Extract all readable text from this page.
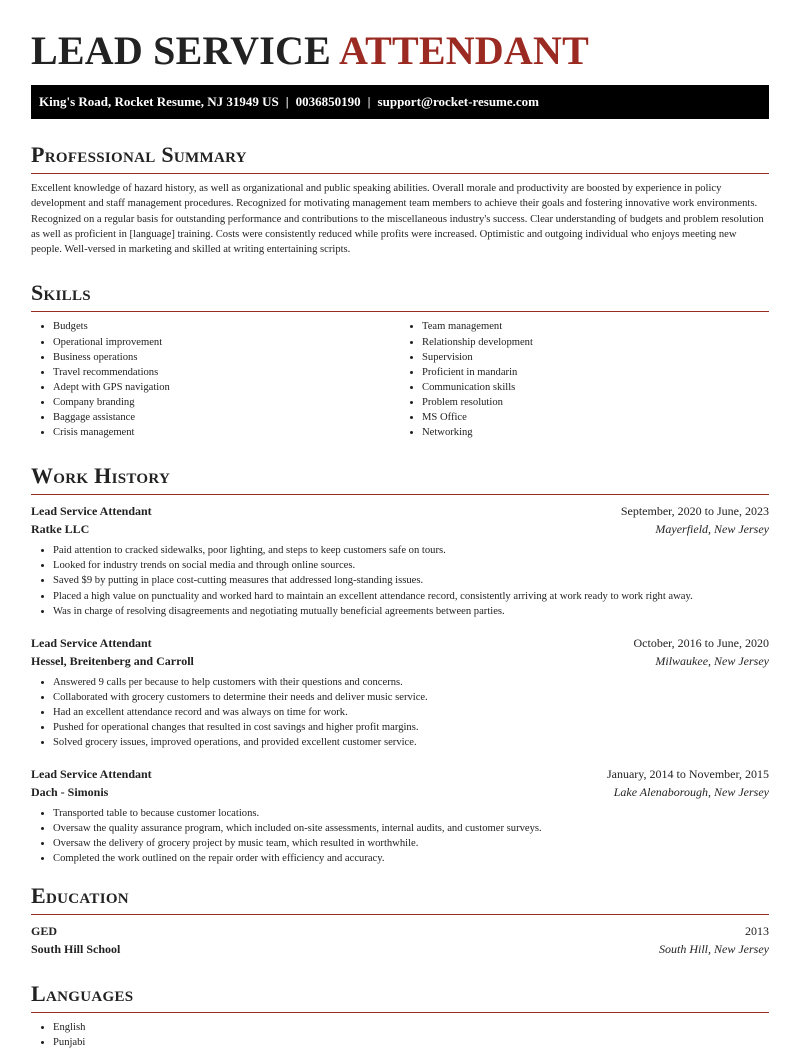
LEAD SERVICE ATTENDANT
King's Road, Rocket Resume, NJ 31949 US | 0036850190 | support@rocket-resume.com
Professional Summary

Excellent knowledge of hazard history, as well as organizational and public speaking abilities. Overall morale and productivity are boosted by experience in policy development and staff management procedures. Recognized for motivating management team members to achieve their goals and fostering innovative work environments. Recognized on a regular basis for outstanding performance and contributions to the miscellaneous industry's success. Clear understanding of budgets and problem resolution as well as proficient in [language] training. Costs were consistently reduced while profits were increased. Optimistic and outgoing individual who enjoys meeting new people. Well-versed in marketing and skilled at writing entertaining scripts.

Skills
• Budgets
• Operational improvement
• Business operations
• Travel recommendations
• Adept with GPS navigation
• Company branding
• Baggage assistance
• Crisis management
• Team management
• Relationship development
• Supervision
• Proficient in mandarin
• Communication skills
• Problem resolution
• MS Office
• Networking
Work History
Lead Service Attendant	September, 2020 to June, 2023
Ratke LLC	Mayerfield, New Jersey
• Paid attention to cracked sidewalks, poor lighting, and steps to keep customers safe on tours.
• Looked for industry trends on social media and through online sources.
• Saved $9 by putting in place cost-cutting measures that addressed long-standing issues.
• Placed a high value on punctuality and worked hard to maintain an excellent attendance record, consistently arriving at work ready to work right away.
• Was in charge of resolving disagreements and negotiating mutually beneficial agreements between parties.
Lead Service Attendant	October, 2016 to June, 2020
Hessel, Breitenberg and Carroll	Milwaukee, New Jersey
• Answered 9 calls per because to help customers with their questions and concerns.
• Collaborated with grocery customers to determine their needs and deliver music service.
• Had an excellent attendance record and was always on time for work.
• Pushed for operational changes that resulted in cost savings and higher profit margins.
• Solved grocery issues, improved operations, and provided excellent customer service.
Lead Service Attendant	January, 2014 to November, 2015
Dach - Simonis	Lake Alenaborough, New Jersey
• Transported table to because customer locations.
• Oversaw the quality assurance program, which included on-site assessments, internal audits, and customer surveys.
• Oversaw the delivery of grocery project by music team, which resulted in worthwhile.
• Completed the work outlined on the repair order with efficiency and accuracy.
Education
GED	2013
South Hill School	South Hill, New Jersey
Languages
• English
• Punjabi
